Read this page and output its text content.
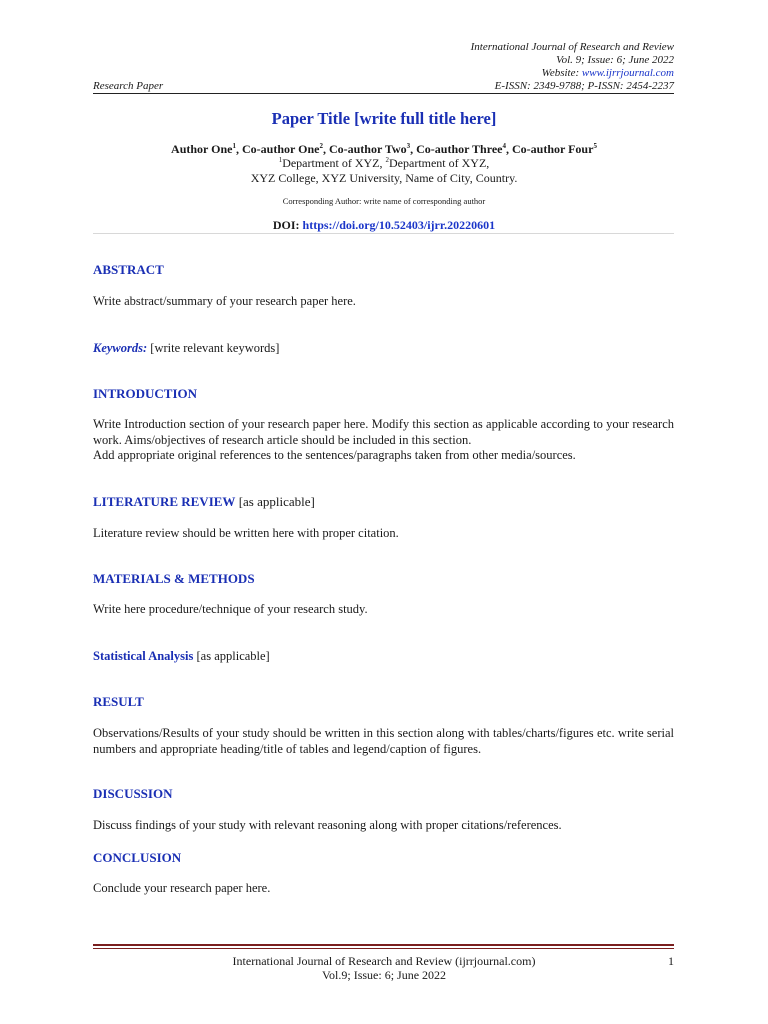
International Journal of Research and Review
Vol. 9; Issue: 6; June 2022
Website: www.ijrrjournal.com
Research Paper	E-ISSN: 2349-9788; P-ISSN: 2454-2237
Paper Title [write full title here]
Author One$^1$, Co-author One$^2$, Co-author Two$^3$, Co-author Three$^4$, Co-author Four$^5$
$^1$Department of XYZ, $^2$Department of XYZ,
XYZ College, XYZ University, Name of City, Country.
Corresponding Author: write name of corresponding author
DOI: https://doi.org/10.52403/ijrr.20220601
ABSTRACT
Write abstract/summary of your research paper here.
Keywords: [write relevant keywords]
INTRODUCTION
Write Introduction section of your research paper here. Modify this section as applicable according to your research work. Aims/objectives of research article should be included in this section.
Add appropriate original references to the sentences/paragraphs taken from other media/sources.
LITERATURE REVIEW [as applicable]
Literature review should be written here with proper citation.
MATERIALS & METHODS
Write here procedure/technique of your research study.
Statistical Analysis [as applicable]
RESULT
Observations/Results of your study should be written in this section along with tables/charts/figures etc. write serial numbers and appropriate heading/title of tables and legend/caption of figures.
DISCUSSION
Discuss findings of your study with relevant reasoning along with proper citations/references.
CONCLUSION
Conclude your research paper here.
International Journal of Research and Review (ijrrjournal.com)
Vol.9; Issue: 6; June 2022
1
